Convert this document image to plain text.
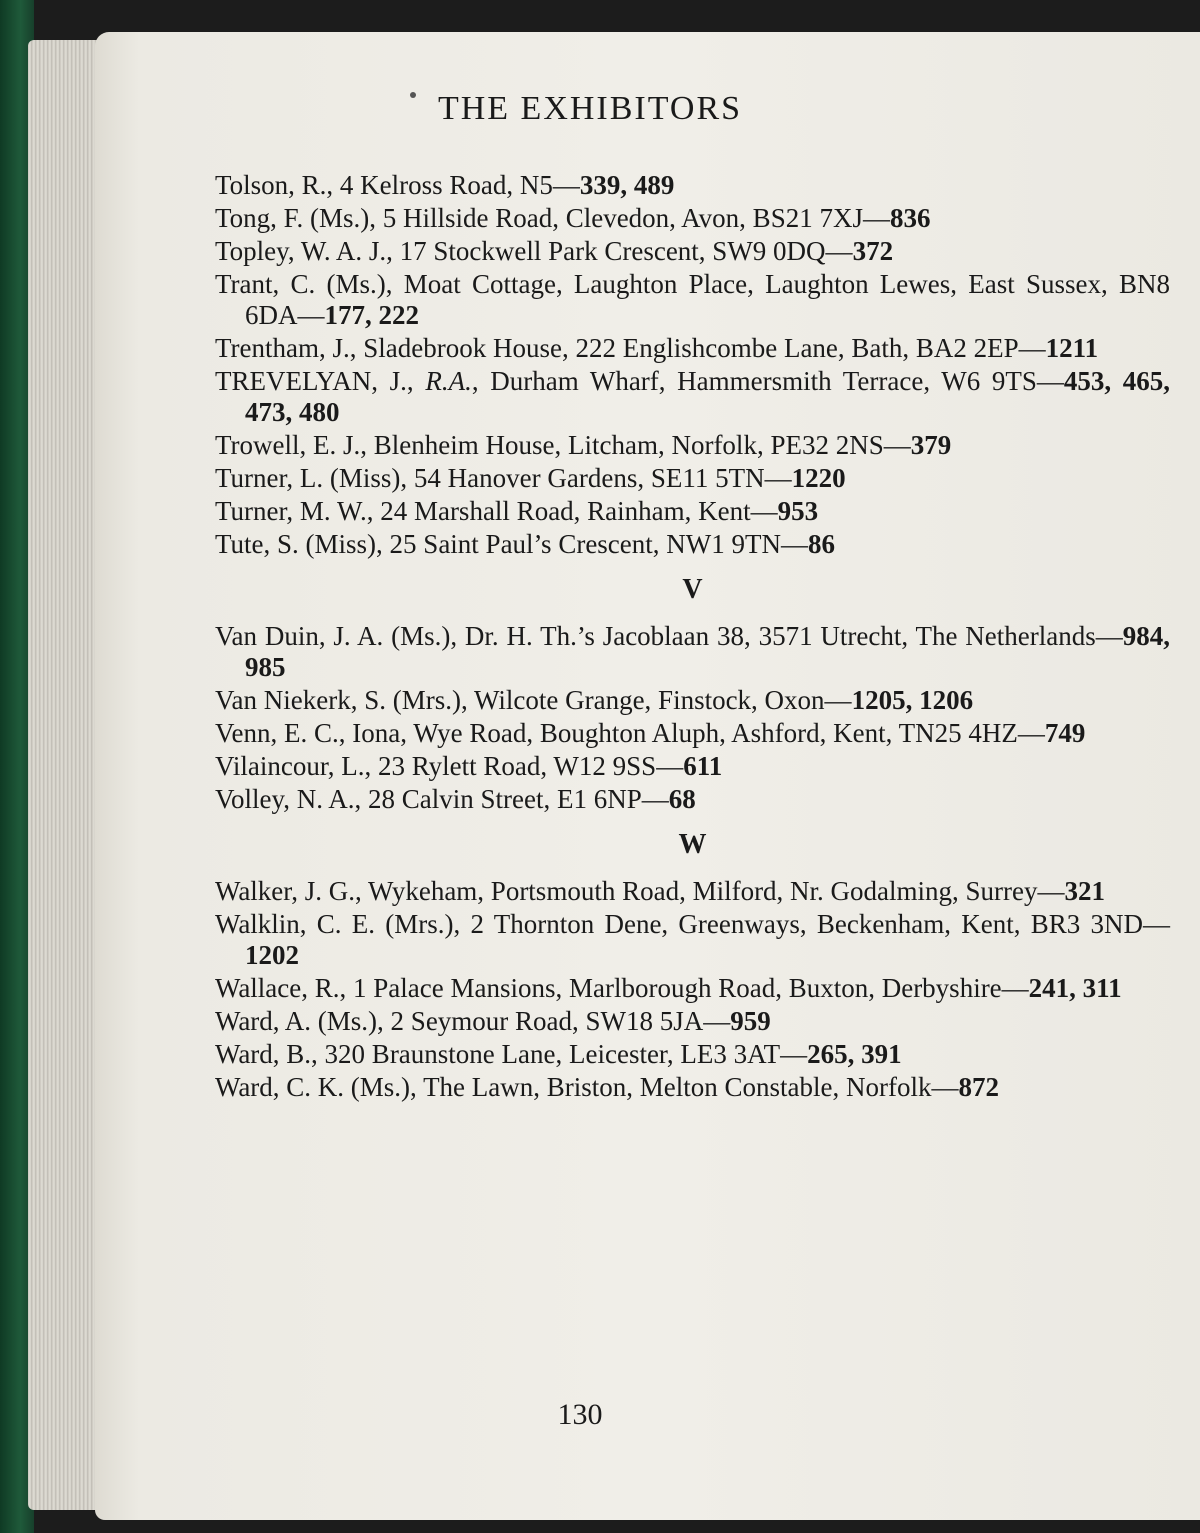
THE EXHIBITORS
Tolson, R., 4 Kelross Road, N5—339, 489
Tong, F. (Ms.), 5 Hillside Road, Clevedon, Avon, BS21 7XJ—836
Topley, W. A. J., 17 Stockwell Park Crescent, SW9 0DQ—372
Trant, C. (Ms.), Moat Cottage, Laughton Place, Laughton Lewes, East Sussex, BN8 6DA—177, 222
Trentham, J., Sladebrook House, 222 Englishcombe Lane, Bath, BA2 2EP—1211
TREVELYAN, J., R.A., Durham Wharf, Hammersmith Terrace, W6 9TS—453, 465, 473, 480
Trowell, E. J., Blenheim House, Litcham, Norfolk, PE32 2NS—379
Turner, L. (Miss), 54 Hanover Gardens, SE11 5TN—1220
Turner, M. W., 24 Marshall Road, Rainham, Kent—953
Tute, S. (Miss), 25 Saint Paul’s Crescent, NW1 9TN—86
V
Van Duin, J. A. (Ms.), Dr. H. Th.’s Jacoblaan 38, 3571 Utrecht, The Netherlands—984, 985
Van Niekerk, S. (Mrs.), Wilcote Grange, Finstock, Oxon—1205, 1206
Venn, E. C., Iona, Wye Road, Boughton Aluph, Ashford, Kent, TN25 4HZ—749
Vilaincour, L., 23 Rylett Road, W12 9SS—611
Volley, N. A., 28 Calvin Street, E1 6NP—68
W
Walker, J. G., Wykeham, Portsmouth Road, Milford, Nr. Godalming, Surrey—321
Walklin, C. E. (Mrs.), 2 Thornton Dene, Greenways, Beckenham, Kent, BR3 3ND—1202
Wallace, R., 1 Palace Mansions, Marlborough Road, Buxton, Derbyshire—241, 311
Ward, A. (Ms.), 2 Seymour Road, SW18 5JA—959
Ward, B., 320 Braunstone Lane, Leicester, LE3 3AT—265, 391
Ward, C. K. (Ms.), The Lawn, Briston, Melton Constable, Norfolk—872
130
